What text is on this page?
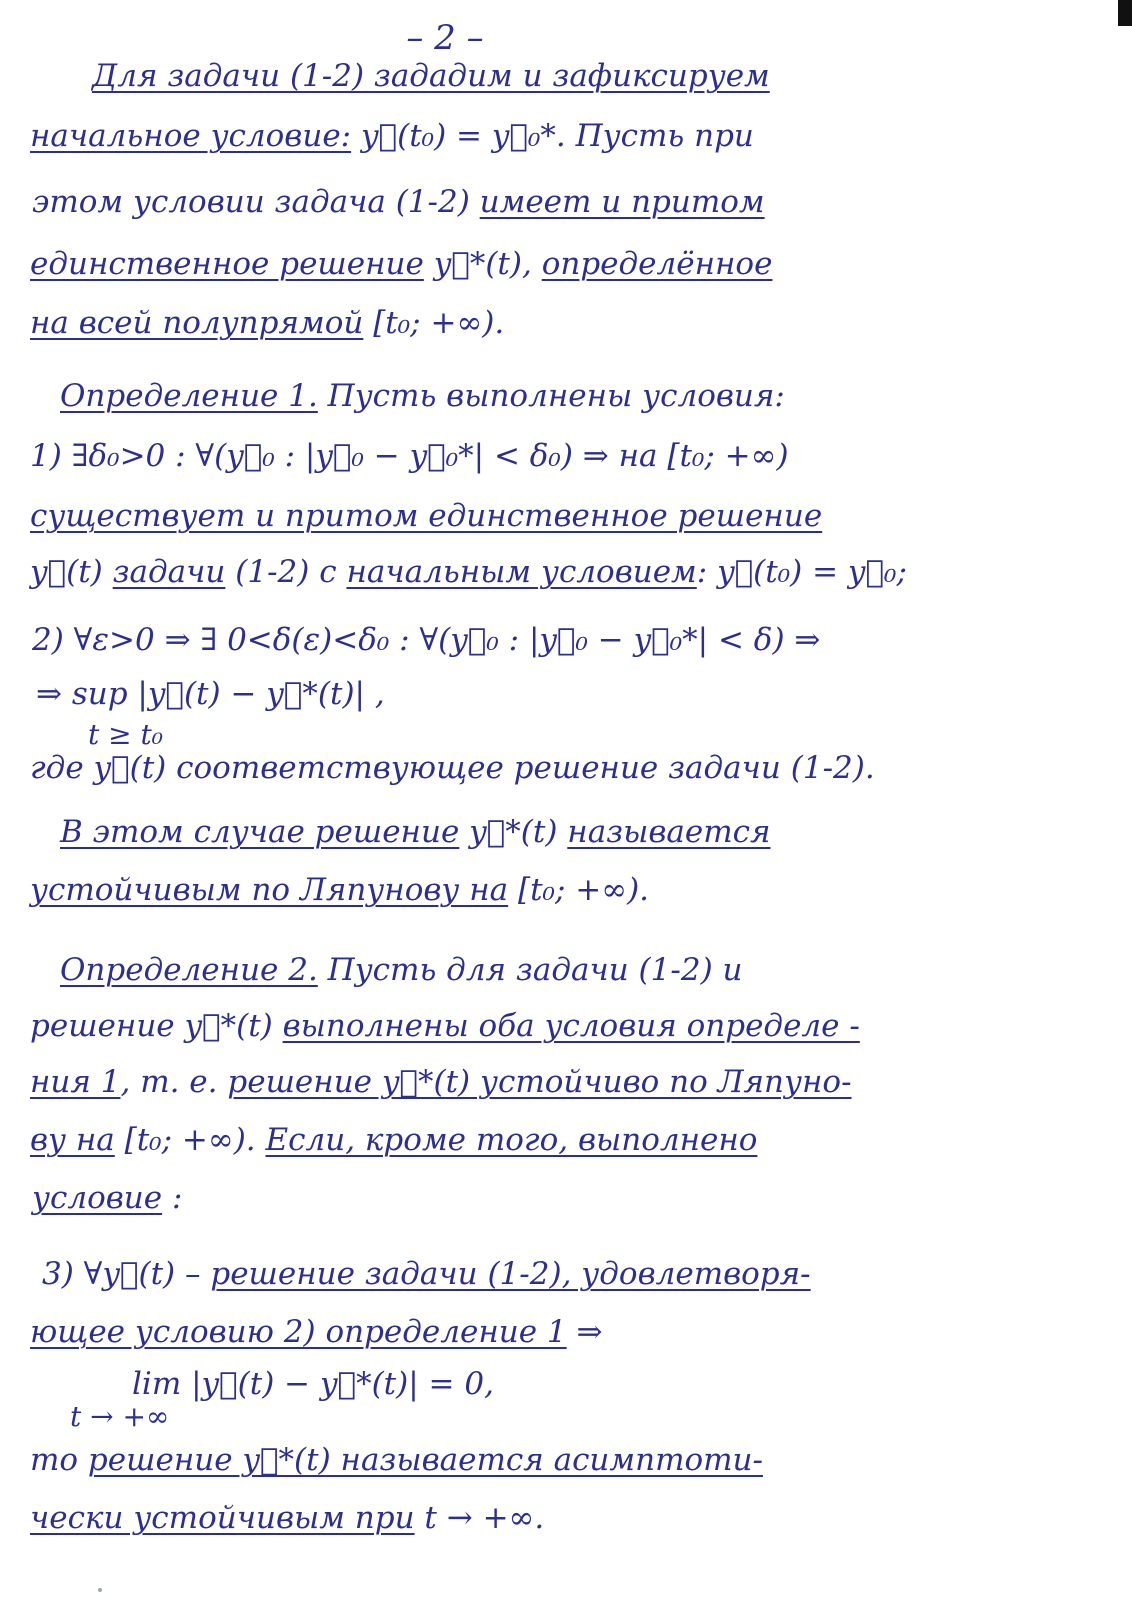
– 2 –
Для задачи (1-2) зададим и зафиксируем
начальное условие: y⃗(t₀) = y⃗₀*. Пусть при
этом условии задача (1-2) имеет и притом
единственное решение y⃗*(t), определённое
на всей полупрямой [t₀; +∞).
Определение 1. Пусть выполнены условия:
1) ∃δ₀>0 : ∀(y⃗₀ : |y⃗₀ − y⃗₀*| < δ₀) ⇒ на [t₀; +∞)
существует и притом единственное решение
y⃗(t) задачи (1-2) с начальным условием: y⃗(t₀) = y⃗₀;
2) ∀ε>0 ⇒ ∃ 0<δ(ε)<δ₀ : ∀(y⃗₀ : |y⃗₀ − y⃗₀*| < δ) ⇒
⇒ sup |y⃗(t) − y⃗*(t)| ,
t ≥ t₀
где y⃗(t) соответствующее решение задачи (1-2).
В этом случае решение y⃗*(t) называется
устойчивым по Ляпунову на [t₀; +∞).
Определение 2. Пусть для задачи (1-2) и
решение y⃗*(t) выполнены оба условия определе -
ния 1, т. е. решение y⃗*(t) устойчиво по Ляпуно-
ву на [t₀; +∞). Если, кроме того, выполнено
условие :
3) ∀y⃗(t) – решение задачи (1-2), удовлетворя-
ющее условию 2) определение 1 ⇒
lim |y⃗(t) − y⃗*(t)| = 0,
t → +∞
то решение y⃗*(t) называется асимптоти-
чески устойчивым при t → +∞.
